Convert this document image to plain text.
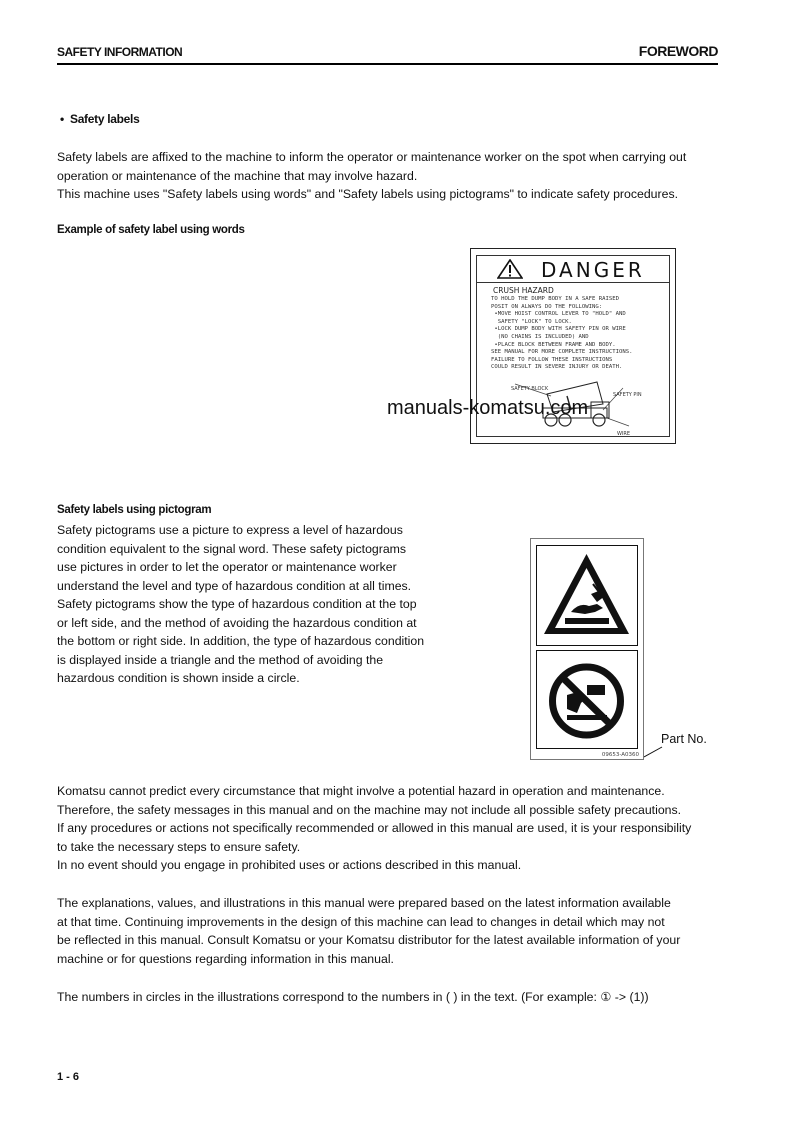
SAFETY INFORMATION	FOREWORD
• Safety labels
Safety labels are affixed to the machine to inform the operator or maintenance worker on the spot when carrying out
operation or maintenance of the machine that may involve hazard.
This machine uses "Safety labels using words" and "Safety labels using pictograms" to indicate safety procedures.
Example of safety label using words
DANGER
CRUSH HAZARD
TO HOLD THE DUMP BODY IN A SAFE RAISED
POSIT ON ALWAYS DO THE FOLLOWING:
•MOVE HOIST CONTROL LEVER TO "HOLD" AND
SAFETY "LOCK" TO LOCK.
•LOCK DUMP BODY WITH SAFETY PIN OR WIRE
(NO CHAINS IS INCLUDED) AND
•PLACE BLOCK BETWEEN FRAME AND BODY.
SEE MANUAL FOR MORE COMPLETE INSTRUCTIONS.
FAILURE TO FOLLOW THESE INSTRUCTIONS
COULD RESULT IN SEVERE INJURY OR DEATH.
SAFETY BLOCK
SAFETY PIN
WIRE
manuals-komatsu.com
Safety labels using pictogram
Safety pictograms use a picture to express a level of hazardous
condition equivalent to the signal word. These safety pictograms
use pictures in order to let the operator or maintenance worker
understand the level and type of hazardous condition at all times.
Safety pictograms show the type of hazardous condition at the top
or left side, and the method of avoiding the hazardous condition at
the bottom or right side. In addition, the type of hazardous condition
is displayed inside a triangle and the method of avoiding the
hazardous condition is shown inside a circle.
09653-A0360
Part No.
Komatsu cannot predict every circumstance that might involve a potential hazard in operation and maintenance.
Therefore, the safety messages in this manual and on the machine may not include all possible safety precautions.
If any procedures or actions not specifically recommended or allowed in this manual are used, it is your responsibility
to take the necessary steps to ensure safety.
In no event should you engage in prohibited uses or actions described in this manual.
The explanations, values, and illustrations in this manual were prepared based on the latest information available
at that time. Continuing improvements in the design of this machine can lead to changes in detail which may not
be reflected in this manual. Consult Komatsu or your Komatsu distributor for the latest available information of your
machine or for questions regarding information in this manual.
The numbers in circles in the illustrations correspond to the numbers in ( ) in the text. (For example: ① -> (1))
1 - 6
